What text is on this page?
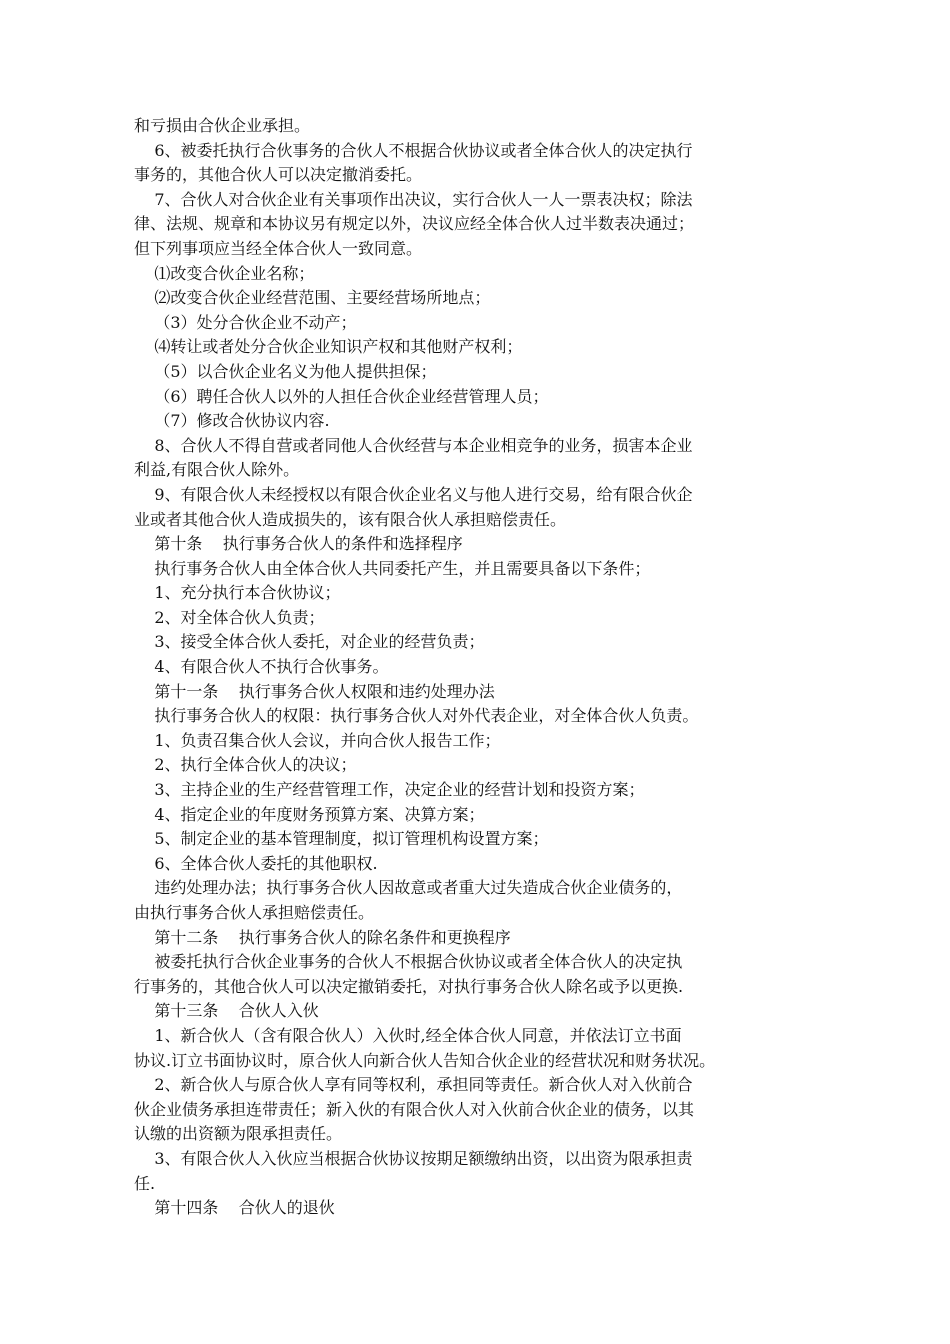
和亏损由合伙企业承担。
6、被委托执行合伙事务的合伙人不根据合伙协议或者全体合伙人的决定执行
事务的，其他合伙人可以决定撤消委托。
7、合伙人对合伙企业有关事项作出决议，实行合伙人一人一票表决权；除法
律、法规、规章和本协议另有规定以外，决议应经全体合伙人过半数表决通过；
但下列事项应当经全体合伙人一致同意。
⑴改变合伙企业名称；
⑵改变合伙企业经营范围、主要经营场所地点；
（3）处分合伙企业不动产；
⑷转让或者处分合伙企业知识产权和其他财产权利；
（5）以合伙企业名义为他人提供担保；
（6）聘任合伙人以外的人担任合伙企业经营管理人员；
（7）修改合伙协议内容.
8、合伙人不得自营或者同他人合伙经营与本企业相竞争的业务，损害本企业
利益,有限合伙人除外。
9、有限合伙人未经授权以有限合伙企业名义与他人进行交易，给有限合伙企
业或者其他合伙人造成损失的，该有限合伙人承担赔偿责任。
第十条    执行事务合伙人的条件和选择程序
执行事务合伙人由全体合伙人共同委托产生，并且需要具备以下条件；
1、充分执行本合伙协议；
2、对全体合伙人负责；
3、接受全体合伙人委托，对企业的经营负责；
4、有限合伙人不执行合伙事务。
第十一条    执行事务合伙人权限和违约处理办法
执行事务合伙人的权限：执行事务合伙人对外代表企业，对全体合伙人负责。
1、负责召集合伙人会议，并向合伙人报告工作；
2、执行全体合伙人的决议；
3、主持企业的生产经营管理工作，决定企业的经营计划和投资方案；
4、指定企业的年度财务预算方案、决算方案；
5、制定企业的基本管理制度，拟订管理机构设置方案；
6、全体合伙人委托的其他职权.
违约处理办法；执行事务合伙人因故意或者重大过失造成合伙企业债务的，
由执行事务合伙人承担赔偿责任。
第十二条    执行事务合伙人的除名条件和更换程序
被委托执行合伙企业事务的合伙人不根据合伙协议或者全体合伙人的决定执
行事务的，其他合伙人可以决定撤销委托，对执行事务合伙人除名或予以更换.
第十三条    合伙人入伙
1、新合伙人（含有限合伙人）入伙时,经全体合伙人同意，并依法订立书面
协议.订立书面协议时，原合伙人向新合伙人告知合伙企业的经营状况和财务状况。
2、新合伙人与原合伙人享有同等权利，承担同等责任。新合伙人对入伙前合
伙企业债务承担连带责任；新入伙的有限合伙人对入伙前合伙企业的债务，以其
认缴的出资额为限承担责任。
3、有限合伙人入伙应当根据合伙协议按期足额缴纳出资，以出资为限承担责
任.
第十四条    合伙人的退伙
